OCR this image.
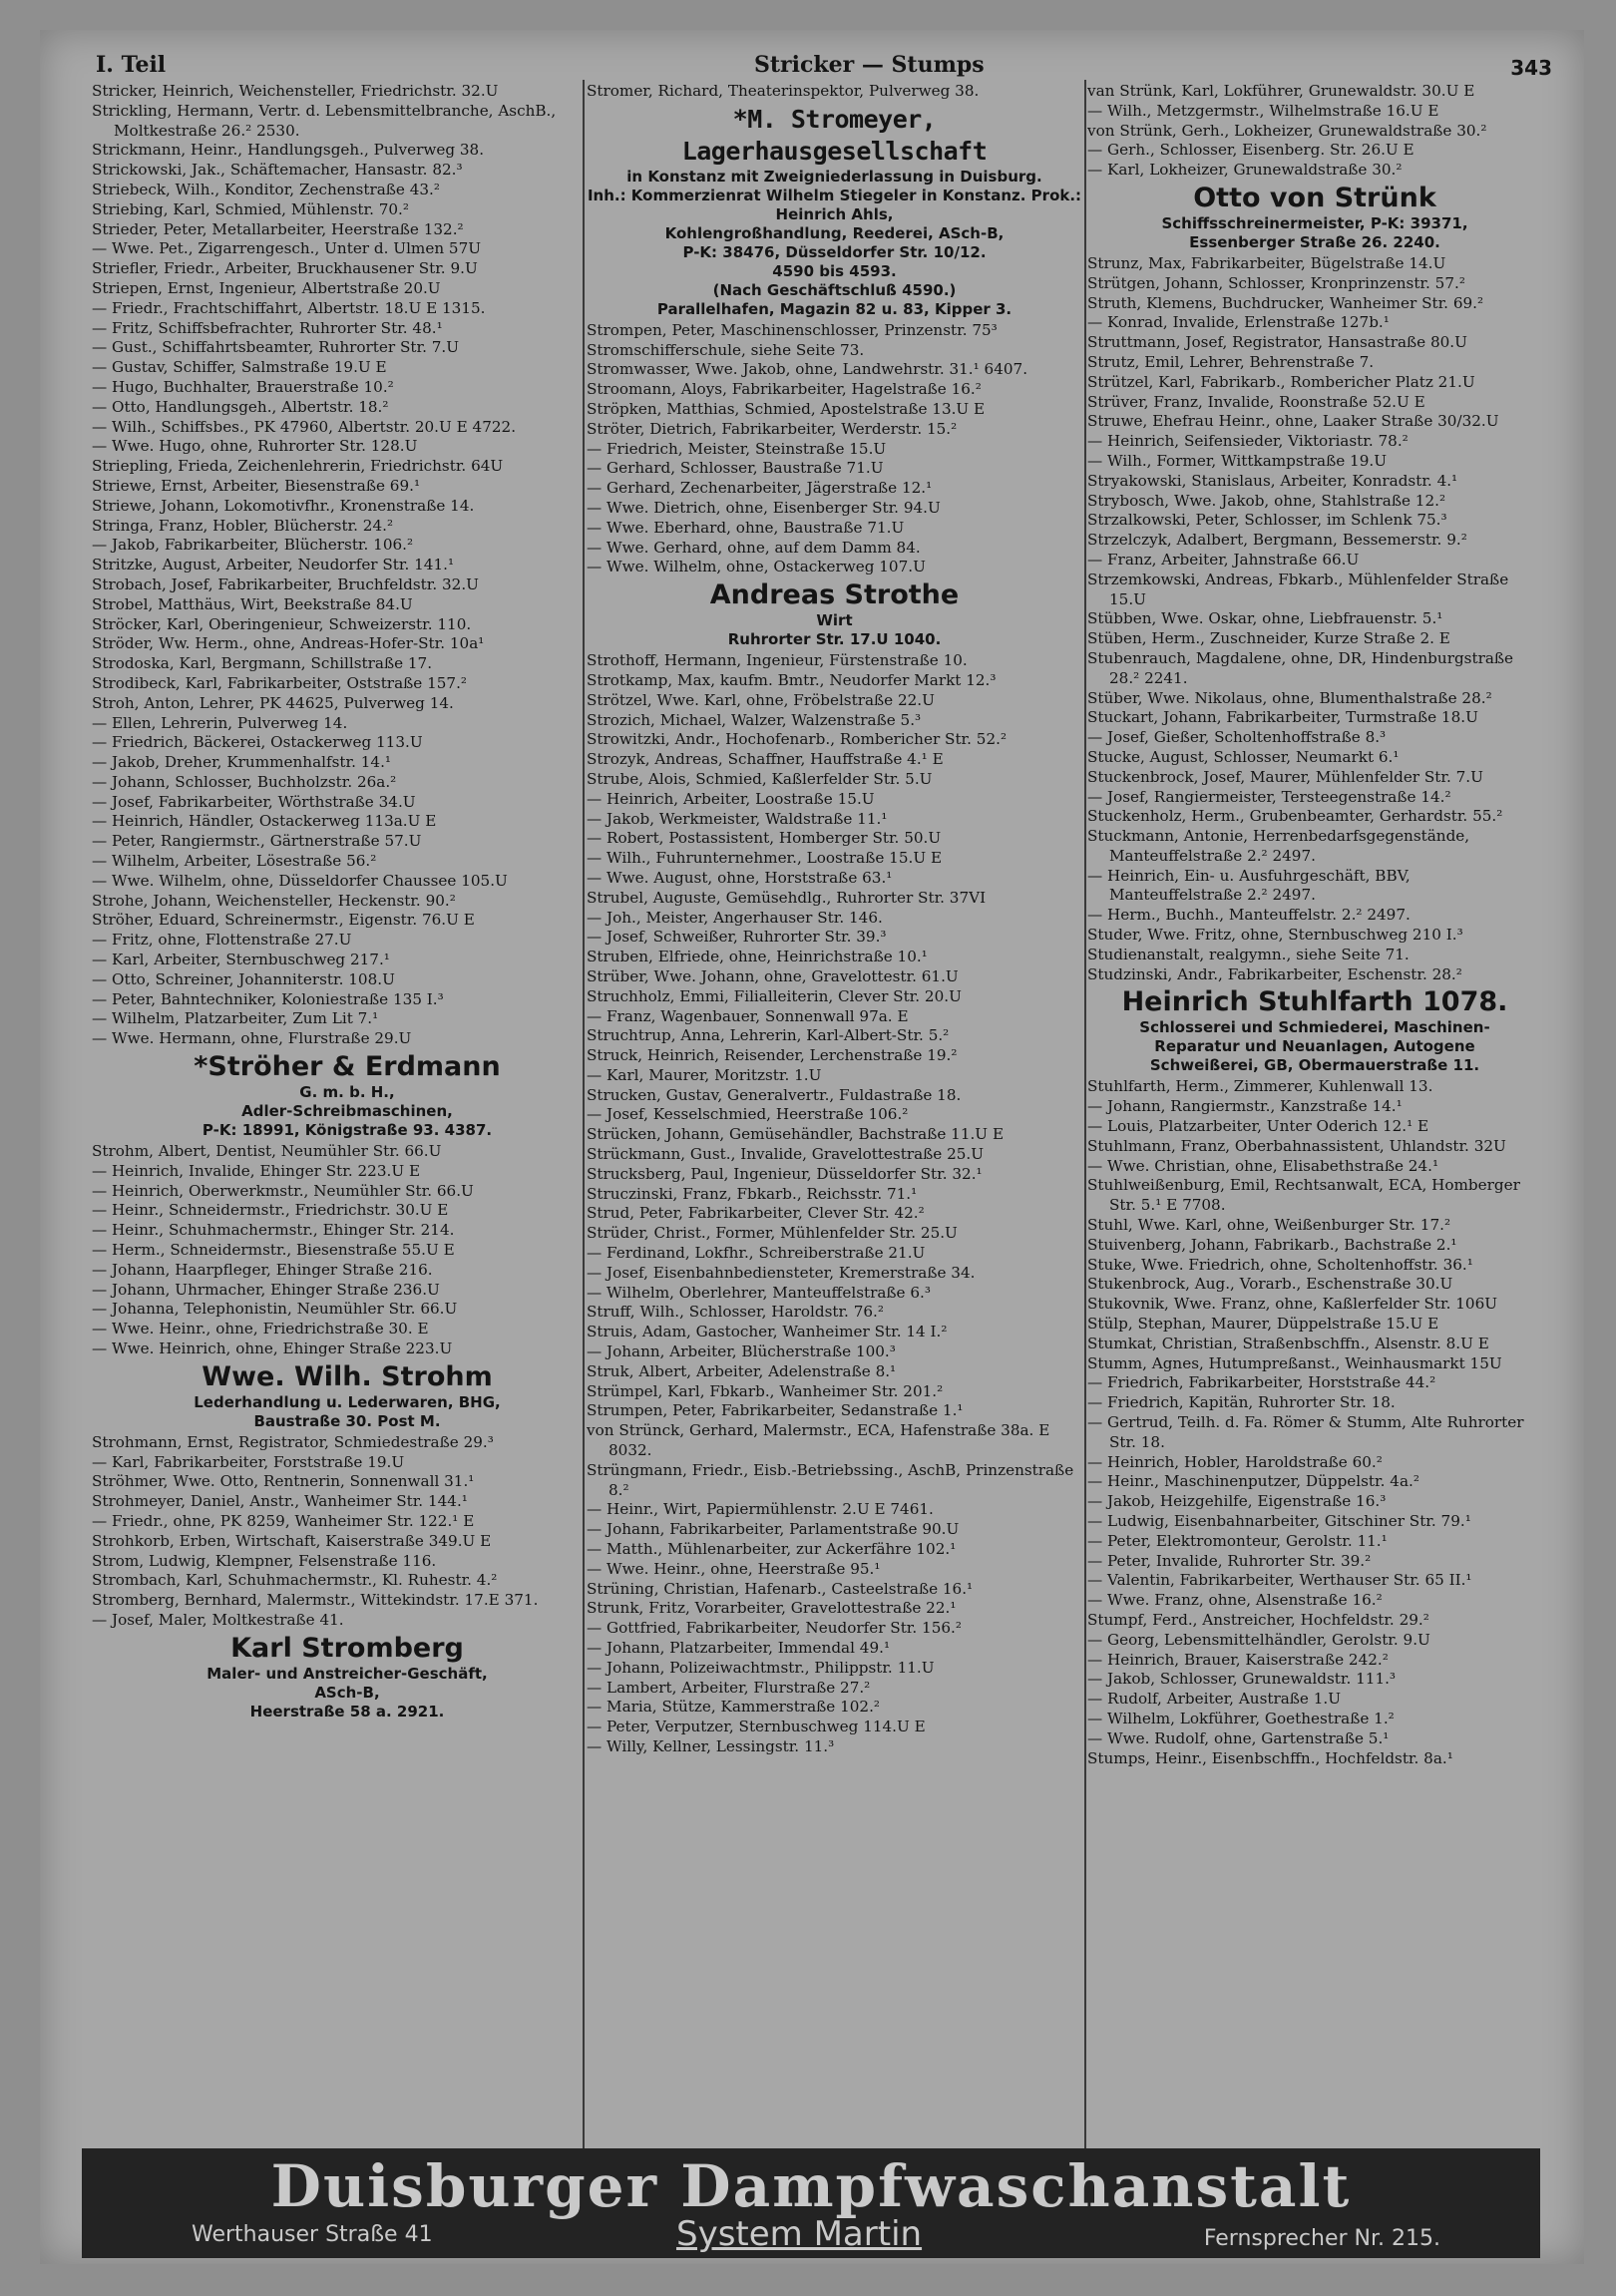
I. Teil	Stricker — Stumps	343
Stricker, Heinrich, Weichensteller, Friedrichstr. 32.U
Strickling, Hermann, Vertr. d. Lebensmittelbranche, AschB., Moltkestraße 26.² 2530.
Strickmann, Heinr., Handlungsgeh., Pulverweg 38.
Strickowski, Jak., Schäftemacher, Hansastr. 82.³
Striebeck, Wilh., Konditor, Zechenstraße 43.²
Striebing, Karl, Schmied, Mühlenstr. 70.²
Strieder, Peter, Metallarbeiter, Heerstraße 132.²
— Wwe. Pet., Zigarrengesch., Unter d. Ulmen 57U
Striefler, Friedr., Arbeiter, Bruckhausener Str. 9.U
Striepen, Ernst, Ingenieur, Albertstraße 20.U
— Friedr., Frachtschiffahrt, Albertstr. 18.U E 1315.
— Fritz, Schiffsbefrachter, Ruhrorter Str. 48.¹
— Gust., Schiffahrtsbeamter, Ruhrorter Str. 7.U
— Gustav, Schiffer, Salmstraße 19.U E
— Hugo, Buchhalter, Brauerstraße 10.²
— Otto, Handlungsgeh., Albertstr. 18.²
— Wilh., Schiffsbes., PK 47960, Albertstr. 20.U E 4722.
— Wwe. Hugo, ohne, Ruhrorter Str. 128.U
Striepling, Frieda, Zeichenlehrerin, Friedrichstr. 64U
Striewe, Ernst, Arbeiter, Biesenstraße 69.¹
Striewe, Johann, Lokomotivfhr., Kronenstraße 14.
Stringa, Franz, Hobler, Blücherstr. 24.²
— Jakob, Fabrikarbeiter, Blücherstr. 106.²
Stritzke, August, Arbeiter, Neudorfer Str. 141.¹
Strobach, Josef, Fabrikarbeiter, Bruchfeldstr. 32.U
Strobel, Matthäus, Wirt, Beekstraße 84.U
Ströcker, Karl, Oberingenieur, Schweizerstr. 110.
Ströder, Ww. Herm., ohne, Andreas-Hofer-Str. 10a¹
Strodoska, Karl, Bergmann, Schillstraße 17.
Strodibeck, Karl, Fabrikarbeiter, Oststraße 157.²
Stroh, Anton, Lehrer, PK 44625, Pulverweg 14.
— Ellen, Lehrerin, Pulverweg 14.
— Friedrich, Bäckerei, Ostackerweg 113.U
— Jakob, Dreher, Krummenhalfstr. 14.¹
— Johann, Schlosser, Buchholzstr. 26a.²
— Josef, Fabrikarbeiter, Wörthstraße 34.U
— Heinrich, Händler, Ostackerweg 113a.U E
— Peter, Rangiermstr., Gärtnerstraße 57.U
— Wilhelm, Arbeiter, Lösestraße 56.²
— Wwe. Wilhelm, ohne, Düsseldorfer Chaussee 105.U
Strohe, Johann, Weichensteller, Heckenstr. 90.²
Ströher, Eduard, Schreinermstr., Eigenstr. 76.U E
— Fritz, ohne, Flottenstraße 27.U
— Karl, Arbeiter, Sternbuschweg 217.¹
— Otto, Schreiner, Johanniterstr. 108.U
— Peter, Bahntechniker, Koloniestraße 135 I.³
— Wilhelm, Platzarbeiter, Zum Lit 7.¹
— Wwe. Hermann, ohne, Flurstraße 29.U
*Ströher & Erdmann
G. m. b. H.,
Adler-Schreibmaschinen,
P-K: 18991, Königstraße 93. 4387.
Strohm, Albert, Dentist, Neumühler Str. 66.U
— Heinrich, Invalide, Ehinger Str. 223.U E
— Heinrich, Oberwerkmstr., Neumühler Str. 66.U
— Heinr., Schneidermstr., Friedrichstr. 30.U E
— Heinr., Schuhmachermstr., Ehinger Str. 214.
— Herm., Schneidermstr., Biesenstraße 55.U E
— Johann, Haarpfleger, Ehinger Straße 216.
— Johann, Uhrmacher, Ehinger Straße 236.U
— Johanna, Telephonistin, Neumühler Str. 66.U
— Wwe. Heinr., ohne, Friedrichstraße 30. E
— Wwe. Heinrich, ohne, Ehinger Straße 223.U
Wwe. Wilh. Strohm
Lederhandlung u. Lederwaren, BHG,
Baustraße 30. Post M.
Strohmann, Ernst, Registrator, Schmiedestraße 29.³
— Karl, Fabrikarbeiter, Forststraße 19.U
Ströhmer, Wwe. Otto, Rentnerin, Sonnenwall 31.¹
Strohmeyer, Daniel, Anstr., Wanheimer Str. 144.¹
— Friedr., ohne, PK 8259, Wanheimer Str. 122.¹ E
Strohkorb, Erben, Wirtschaft, Kaiserstraße 349.U E
Strom, Ludwig, Klempner, Felsenstraße 116.
Strombach, Karl, Schuhmachermstr., Kl. Ruhestr. 4.²
Stromberg, Bernhard, Malermstr., Wittekindstr. 17.E 371.
— Josef, Maler, Moltkestraße 41.
Karl Stromberg
Maler- und Anstreicher-Geschäft,
ASch-B,
Heerstraße 58 a. 2921.
Stromer, Richard, Theaterinspektor, Pulverweg 38.
*M. Stromeyer, Lagerhausgesellschaft
in Konstanz mit Zweigniederlassung in Duisburg.
Inh.: Kommerzienrat Wilhelm Stiegeler in Konstanz. Prok.: Heinrich Ahls,
Kohlengroßhandlung, Reederei, ASch-B,
P-K: 38476, Düsseldorfer Str. 10/12.
4590 bis 4593.
(Nach Geschäftschluß 4590.)
Parallelhafen, Magazin 82 u. 83, Kipper 3.
Strompen, Peter, Maschinenschlosser, Prinzenstr. 75³
Stromschifferschule, siehe Seite 73.
Stromwasser, Wwe. Jakob, ohne, Landwehrstr. 31.¹ 6407.
Stroomann, Aloys, Fabrikarbeiter, Hagelstraße 16.²
Ströpken, Matthias, Schmied, Apostelstraße 13.U E
Ströter, Dietrich, Fabrikarbeiter, Werderstr. 15.²
— Friedrich, Meister, Steinstraße 15.U
— Gerhard, Schlosser, Baustraße 71.U
— Gerhard, Zechenarbeiter, Jägerstraße 12.¹
— Wwe. Dietrich, ohne, Eisenberger Str. 94.U
— Wwe. Eberhard, ohne, Baustraße 71.U
— Wwe. Gerhard, ohne, auf dem Damm 84.
— Wwe. Wilhelm, ohne, Ostackerweg 107.U
Andreas Strothe
Wirt
Ruhrorter Str. 17.U 1040.
Strothoff, Hermann, Ingenieur, Fürstenstraße 10.
Strotkamp, Max, kaufm. Bmtr., Neudorfer Markt 12.³
Strötzel, Wwe. Karl, ohne, Fröbelstraße 22.U
Strozich, Michael, Walzer, Walzenstraße 5.³
Strowitzki, Andr., Hochofenarb., Rombericher Str. 52.²
Strozyk, Andreas, Schaffner, Hauffstraße 4.¹ E
Strube, Alois, Schmied, Kaßlerfelder Str. 5.U
— Heinrich, Arbeiter, Loostraße 15.U
— Jakob, Werkmeister, Waldstraße 11.¹
— Robert, Postassistent, Homberger Str. 50.U
— Wilh., Fuhrunternehmer., Loostraße 15.U E
— Wwe. August, ohne, Horststraße 63.¹
Strubel, Auguste, Gemüsehdlg., Ruhrorter Str. 37VI
— Joh., Meister, Angerhauser Str. 146.
— Josef, Schweißer, Ruhrorter Str. 39.³
Struben, Elfriede, ohne, Heinrichstraße 10.¹
Strüber, Wwe. Johann, ohne, Gravelottestr. 61.U
Struchholz, Emmi, Filialleiterin, Clever Str. 20.U
— Franz, Wagenbauer, Sonnenwall 97a. E
Struchtrup, Anna, Lehrerin, Karl-Albert-Str. 5.²
Struck, Heinrich, Reisender, Lerchenstraße 19.²
— Karl, Maurer, Moritzstr. 1.U
Strucken, Gustav, Generalvertr., Fuldastraße 18.
— Josef, Kesselschmied, Heerstraße 106.²
Strücken, Johann, Gemüsehändler, Bachstraße 11.U E
Strückmann, Gust., Invalide, Gravelottestraße 25.U
Strucksberg, Paul, Ingenieur, Düsseldorfer Str. 32.¹
Struczinski, Franz, Fbkarb., Reichsstr. 71.¹
Strud, Peter, Fabrikarbeiter, Clever Str. 42.²
Strüder, Christ., Former, Mühlenfelder Str. 25.U
— Ferdinand, Lokfhr., Schreiberstraße 21.U
— Josef, Eisenbahnbediensteter, Kremerstraße 34.
— Wilhelm, Oberlehrer, Manteuffelstraße 6.³
Struff, Wilh., Schlosser, Haroldstr. 76.²
Struis, Adam, Gastocher, Wanheimer Str. 14 I.²
— Johann, Arbeiter, Blücherstraße 100.³
Struk, Albert, Arbeiter, Adelenstraße 8.¹
Strümpel, Karl, Fbkarb., Wanheimer Str. 201.²
Strumpen, Peter, Fabrikarbeiter, Sedanstraße 1.¹
von Strünck, Gerhard, Malermstr., ECA, Hafenstraße 38a. E 8032.
Strüngmann, Friedr., Eisb.-Betriebssing., AschB, Prinzenstraße 8.²
— Heinr., Wirt, Papiermühlenstr. 2.U E 7461.
— Johann, Fabrikarbeiter, Parlamentstraße 90.U
— Matth., Mühlenarbeiter, zur Ackerfähre 102.¹
— Wwe. Heinr., ohne, Heerstraße 95.¹
Strüning, Christian, Hafenarb., Casteelstraße 16.¹
Strunk, Fritz, Vorarbeiter, Gravelottestraße 22.¹
— Gottfried, Fabrikarbeiter, Neudorfer Str. 156.²
— Johann, Platzarbeiter, Immendal 49.¹
— Johann, Polizeiwachtmstr., Philippstr. 11.U
— Lambert, Arbeiter, Flurstraße 27.²
— Maria, Stütze, Kammerstraße 102.²
— Peter, Verputzer, Sternbuschweg 114.U E
— Willy, Kellner, Lessingstr. 11.³
van Strünk, Karl, Lokführer, Grunewaldstr. 30.U E
— Wilh., Metzgermstr., Wilhelmstraße 16.U E
von Strünk, Gerh., Lokheizer, Grunewaldstraße 30.²
— Gerh., Schlosser, Eisenberg. Str. 26.U E
— Karl, Lokheizer, Grunewaldstraße 30.²
Otto von Strünk
Schiffsschreinermeister, P-K: 39371,
Essenberger Straße 26. 2240.
Strunz, Max, Fabrikarbeiter, Bügelstraße 14.U
Strütgen, Johann, Schlosser, Kronprinzenstr. 57.²
Struth, Klemens, Buchdrucker, Wanheimer Str. 69.²
— Konrad, Invalide, Erlenstraße 127b.¹
Struttmann, Josef, Registrator, Hansastraße 80.U
Strutz, Emil, Lehrer, Behrenstraße 7.
Strützel, Karl, Fabrikarb., Rombericher Platz 21.U
Strüver, Franz, Invalide, Roonstraße 52.U E
Struwe, Ehefrau Heinr., ohne, Laaker Straße 30/32.U
— Heinrich, Seifensieder, Viktoriastr. 78.²
— Wilh., Former, Wittkampstraße 19.U
Stryakowski, Stanislaus, Arbeiter, Konradstr. 4.¹
Strybosch, Wwe. Jakob, ohne, Stahlstraße 12.²
Strzalkowski, Peter, Schlosser, im Schlenk 75.³
Strzelczyk, Adalbert, Bergmann, Bessemerstr. 9.²
— Franz, Arbeiter, Jahnstraße 66.U
Strzemkowski, Andreas, Fbkarb., Mühlenfelder Straße 15.U
Stübben, Wwe. Oskar, ohne, Liebfrauenstr. 5.¹
Stüben, Herm., Zuschneider, Kurze Straße 2. E
Stubenrauch, Magdalene, ohne, DR, Hindenburgstraße 28.² 2241.
Stüber, Wwe. Nikolaus, ohne, Blumenthalstraße 28.²
Stuckart, Johann, Fabrikarbeiter, Turmstraße 18.U
— Josef, Gießer, Scholtenhoffstraße 8.³
Stucke, August, Schlosser, Neumarkt 6.¹
Stuckenbrock, Josef, Maurer, Mühlenfelder Str. 7.U
— Josef, Rangiermeister, Tersteegenstraße 14.²
Stuckenholz, Herm., Grubenbeamter, Gerhardstr. 55.²
Stuckmann, Antonie, Herrenbedarfsgegenstände, Manteuffelstraße 2.² 2497.
— Heinrich, Ein- u. Ausfuhrgeschäft, BBV, Manteuffelstraße 2.² 2497.
— Herm., Buchh., Manteuffelstr. 2.² 2497.
Studer, Wwe. Fritz, ohne, Sternbuschweg 210 I.³
Studienanstalt, realgymn., siehe Seite 71.
Studzinski, Andr., Fabrikarbeiter, Eschenstr. 28.²
Heinrich Stuhlfarth 1078.
Schlosserei und Schmiederei, Maschinen-
Reparatur und Neuanlagen, Autogene
Schweißerei, GB, Obermauerstraße 11.
Stuhlfarth, Herm., Zimmerer, Kuhlenwall 13.
— Johann, Rangiermstr., Kanzstraße 14.¹
— Louis, Platzarbeiter, Unter Oderich 12.¹ E
Stuhlmann, Franz, Oberbahnassistent, Uhlandstr. 32U
— Wwe. Christian, ohne, Elisabethstraße 24.¹
Stuhlweißenburg, Emil, Rechtsanwalt, ECA, Homberger Str. 5.¹ E 7708.
Stuhl, Wwe. Karl, ohne, Weißenburger Str. 17.²
Stuivenberg, Johann, Fabrikarb., Bachstraße 2.¹
Stuke, Wwe. Friedrich, ohne, Scholtenhoffstr. 36.¹
Stukenbrock, Aug., Vorarb., Eschenstraße 30.U
Stukovnik, Wwe. Franz, ohne, Kaßlerfelder Str. 106U
Stülp, Stephan, Maurer, Düppelstraße 15.U E
Stumkat, Christian, Straßenbschffn., Alsenstr. 8.U E
Stumm, Agnes, Hutumpreßanst., Weinhausmarkt 15U
— Friedrich, Fabrikarbeiter, Horststraße 44.²
— Friedrich, Kapitän, Ruhrorter Str. 18.
— Gertrud, Teilh. d. Fa. Römer & Stumm, Alte Ruhrorter Str. 18.
— Heinrich, Hobler, Haroldstraße 60.²
— Heinr., Maschinenputzer, Düppelstr. 4a.²
— Jakob, Heizgehilfe, Eigenstraße 16.³
— Ludwig, Eisenbahnarbeiter, Gitschiner Str. 79.¹
— Peter, Elektromonteur, Gerolstr. 11.¹
— Peter, Invalide, Ruhrorter Str. 39.²
— Valentin, Fabrikarbeiter, Werthauser Str. 65 II.¹
— Wwe. Franz, ohne, Alsenstraße 16.²
Stumpf, Ferd., Anstreicher, Hochfeldstr. 29.²
— Georg, Lebensmittelhändler, Gerolstr. 9.U
— Heinrich, Brauer, Kaiserstraße 242.²
— Jakob, Schlosser, Grunewaldstr. 111.³
— Rudolf, Arbeiter, Austraße 1.U
— Wilhelm, Lokführer, Goethestraße 1.²
— Wwe. Rudolf, ohne, Gartenstraße 5.¹
Stumps, Heinr., Eisenbschffn., Hochfeldstr. 8a.¹
Duisburger Dampfwaschanstalt
Werthauser Straße 41	System Martin	Fernsprecher Nr. 215.
